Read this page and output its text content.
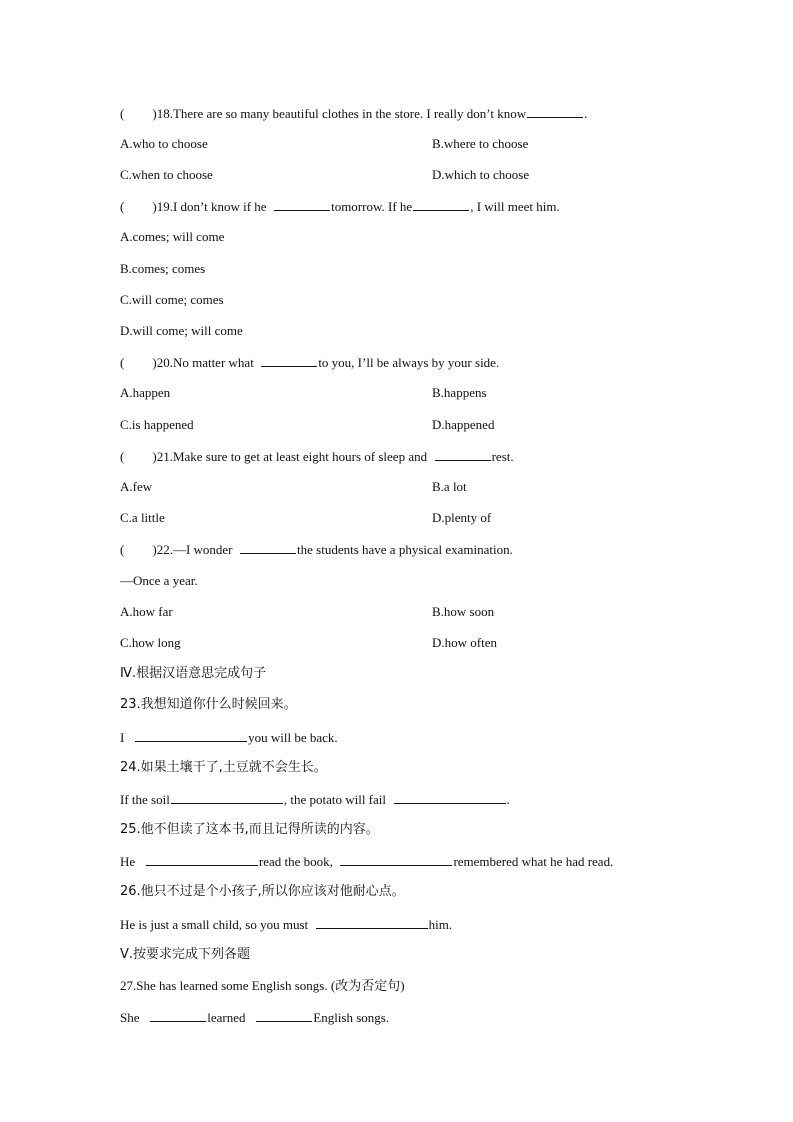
( )18.There are so many beautiful clothes in the store. I really don’t know	.
A.who to choose	B.where to choose
C.when to choose	D.which to choose
( )19.I don’t know if he	tomorrow. If he	, I will meet him.
A.comes; will come
B.comes; comes
C.will come; comes
D.will come; will come
( )20.No matter what	to you, I’ll be always by your side.
A.happen	B.happens
C.is happened	D.happened
( )21.Make sure to get at least eight hours of sleep and	rest.
A.few	B.a lot
C.a little	D.plenty of
( )22.—I wonder	the students have a physical examination.
—Once a year.
A.how far	B.how soon
C.how long	D.how often
Ⅳ.根据汉语意思完成句子
23.我想知道你什么时候回来。
I	you will be back.
24.如果土壤干了,土豆就不会生长。
If the soil	, the potato will fail	.
25.他不但读了这本书,而且记得所读的内容。
He	read the book,	remembered what he had read.
26.他只不过是个小孩子,所以你应该对他耐心点。
He is just a small child, so you must	him.
Ⅴ.按要求完成下列各题
27.She has learned some English songs. (改为否定句)
She	learned	English songs.
